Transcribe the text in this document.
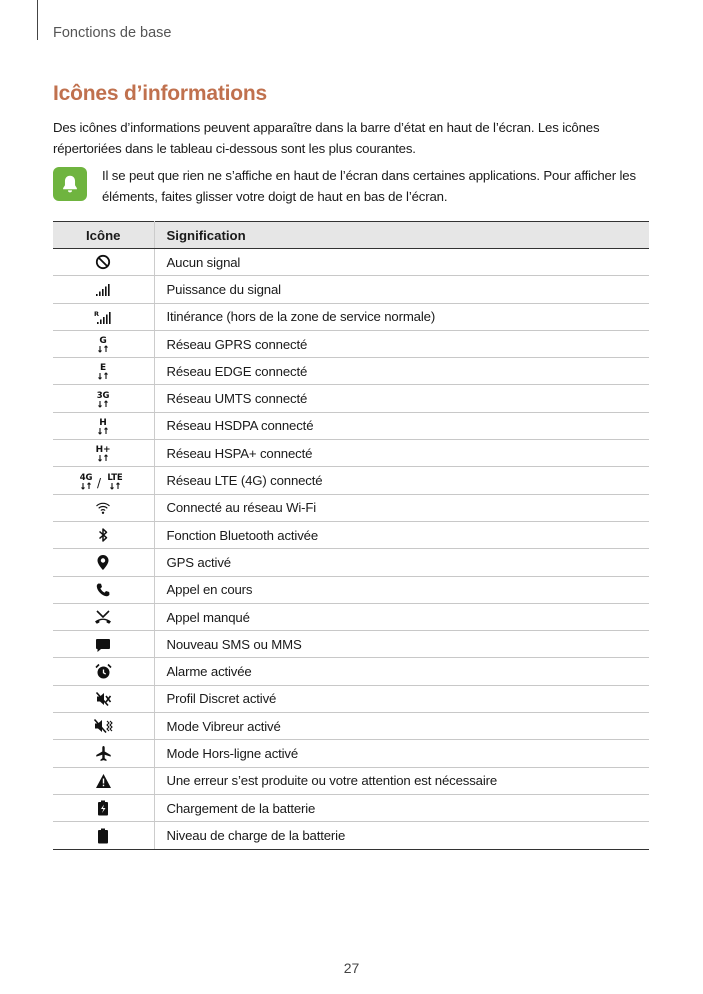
Fonctions de base
Icônes d’informations

Des icônes d’informations peuvent apparaître dans la barre d’état en haut de l’écran. Les icônes répertoriées dans le tableau ci-dessous sont les plus courantes.

Il se peut que rien ne s’affiche en haut de l’écran dans certaines applications. Pour afficher les éléments, faites glisser votre doigt de haut en bas de l’écran.

Icône	Signification
	Aucun signal
	Puissance du signal

R	Itinérance (hors de la zone de service normale)

G	Réseau GPRS connecté

E	Réseau EDGE connecté

3G	Réseau UMTS connecté

H	Réseau HSDPA connecté

H+	Réseau HSPA+ connecté

4G / LTE	Réseau LTE (4G) connecté
	Connecté au réseau Wi-Fi
	Fonction Bluetooth activée
	GPS activé
	Appel en cours
	Appel manqué
	Nouveau SMS ou MMS
	Alarme activée
	Profil Discret activé
	Mode Vibreur activé
	Mode Hors-ligne activé
	Une erreur s’est produite ou votre attention est nécessaire
	Chargement de la batterie
	Niveau de charge de la batterie
27
